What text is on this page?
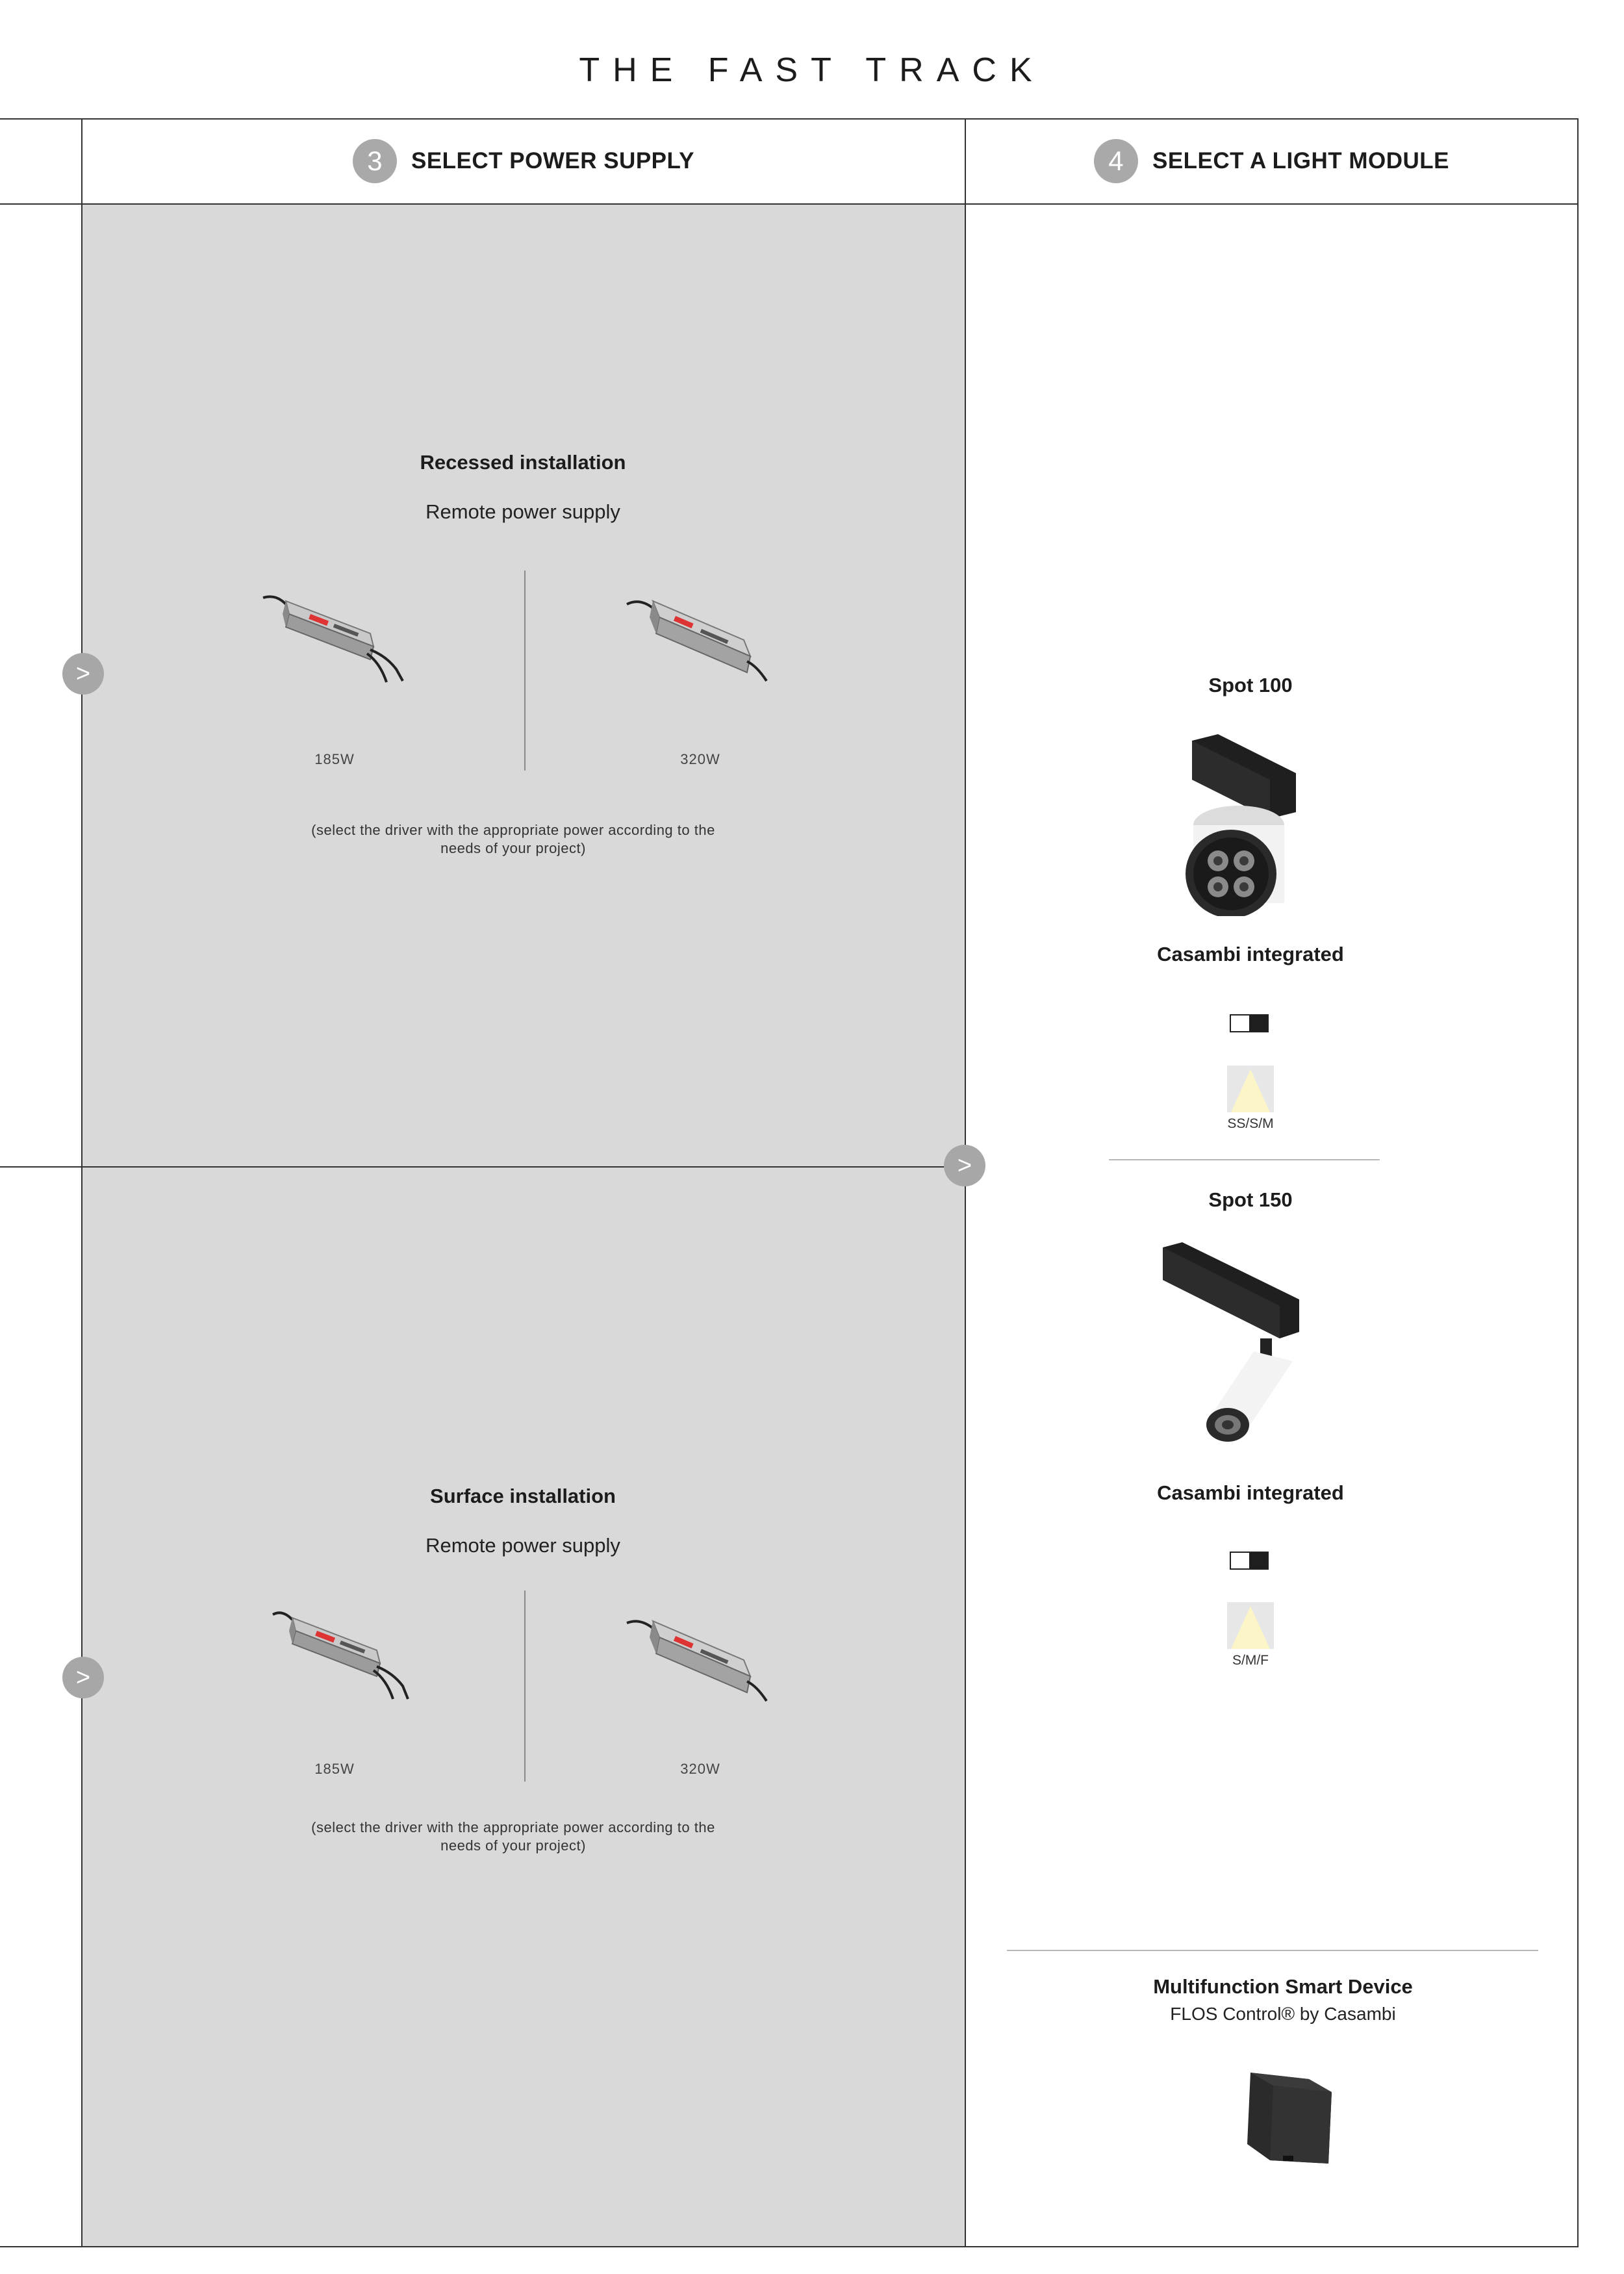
THE FAST TRACK
3	SELECT POWER SUPPLY	4	SELECT A LIGHT MODULE
>
>
>
Recessed installation
Remote power supply
185W	320W
(select the driver with the appropriate power according to the
needs of your project)
Surface installation
Remote power supply
185W	320W
(select the driver with the appropriate power according to the
needs of your project)
Spot 100
Casambi integrated
SS/S/M
Spot 150
Casambi integrated
S/M/F
Multifunction Smart Device
FLOS Control® by Casambi
